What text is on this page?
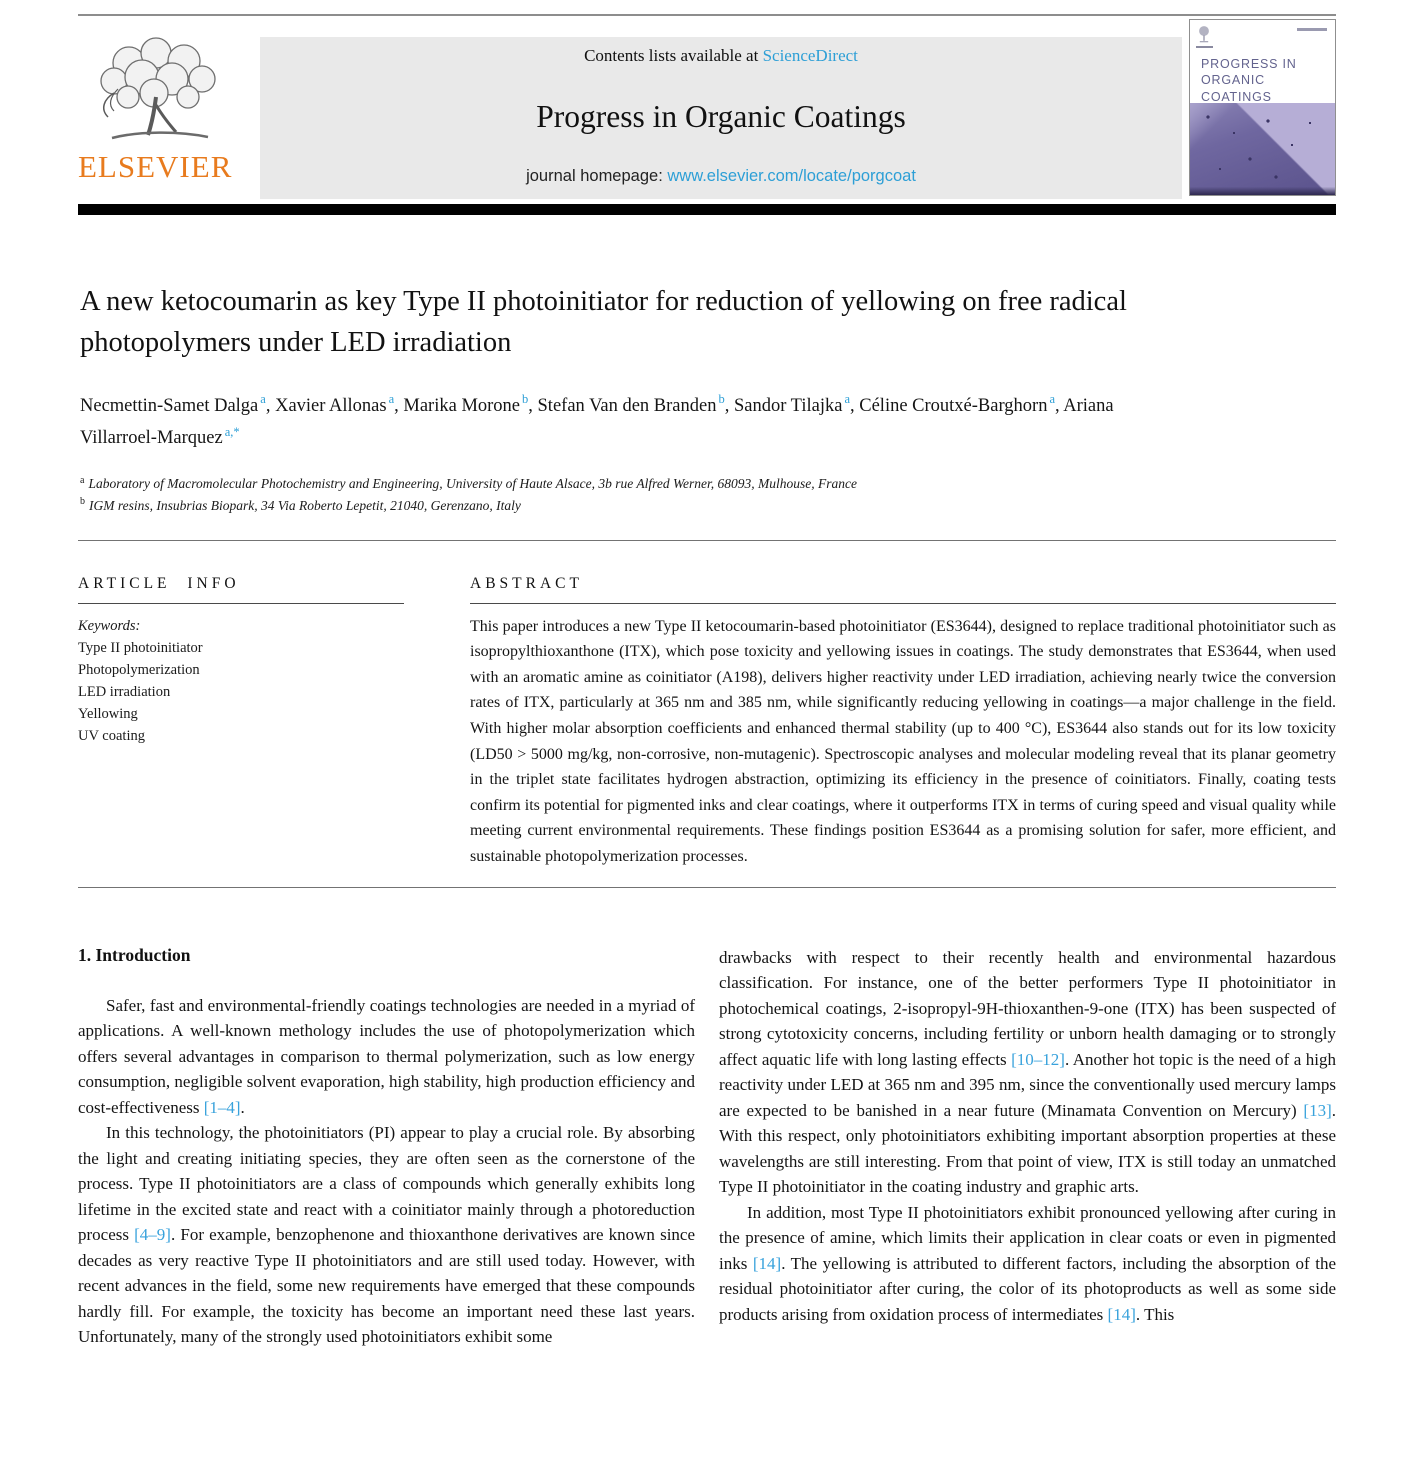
ELSEVIER
Contents lists available at ScienceDirect
Progress in Organic Coatings
journal homepage: www.elsevier.com/locate/porgcoat
PROGRESS IN
ORGANIC
COATINGS
A new ketocoumarin as key Type II photoinitiator for reduction of yellowing on free radical photopolymers under LED irradiation

Necmettin-Samet Dalga $^a$, Xavier Allonas $^a$, Marika Morone $^b$, Stefan Van den Branden $^b$, Sandor Tilajka $^a$, Céline Croutxé-Barghorn $^a$, Ariana Villarroel-Marquez $^{a,*}$

$^a$ Laboratory of Macromolecular Photochemistry and Engineering, University of Haute Alsace, 3b rue Alfred Werner, 68093, Mulhouse, France
$^b$ IGM resins, Insubrias Biopark, 34 Via Roberto Lepetit, 21040, Gerenzano, Italy
ARTICLE INFO
Keywords:
Type II photoinitiator
Photopolymerization
LED irradiation
Yellowing
UV coating
ABSTRACT

This paper introduces a new Type II ketocoumarin-based photoinitiator (ES3644), designed to replace traditional photoinitiator such as isopropylthioxanthone (ITX), which pose toxicity and yellowing issues in coatings. The study demonstrates that ES3644, when used with an aromatic amine as coinitiator (A198), delivers higher reactivity under LED irradiation, achieving nearly twice the conversion rates of ITX, particularly at 365 nm and 385 nm, while significantly reducing yellowing in coatings—a major challenge in the field. With higher molar absorption coefficients and enhanced thermal stability (up to 400 °C), ES3644 also stands out for its low toxicity (LD50 > 5000 mg/kg, non-corrosive, non-mutagenic). Spectroscopic analyses and molecular modeling reveal that its planar geometry in the triplet state facilitates hydrogen abstraction, optimizing its efficiency in the presence of coinitiators. Finally, coating tests confirm its potential for pigmented inks and clear coatings, where it outperforms ITX in terms of curing speed and visual quality while meeting current environmental requirements. These findings position ES3644 as a promising solution for safer, more efficient, and sustainable photopolymerization processes.

1. Introduction

Safer, fast and environmental-friendly coatings technologies are needed in a myriad of applications. A well-known methology includes the use of photopolymerization which offers several advantages in comparison to thermal polymerization, such as low energy consumption, negligible solvent evaporation, high stability, high production efficiency and cost-effectiveness [1–4].

In this technology, the photoinitiators (PI) appear to play a crucial role. By absorbing the light and creating initiating species, they are often seen as the cornerstone of the process. Type II photoinitiators are a class of compounds which generally exhibits long lifetime in the excited state and react with a coinitiator mainly through a photoreduction process [4–9]. For example, benzophenone and thioxanthone derivatives are known since decades as very reactive Type II photoinitiators and are still used today. However, with recent advances in the field, some new requirements have emerged that these compounds hardly fill. For example, the toxicity has become an important need these last years. Unfortunately, many of the strongly used photoinitiators exhibit some

drawbacks with respect to their recently health and environmental hazardous classification. For instance, one of the better performers Type II photoinitiator in photochemical coatings, 2-isopropyl-9H-thioxanthen-9-one (ITX) has been suspected of strong cytotoxicity concerns, including fertility or unborn health damaging or to strongly affect aquatic life with long lasting effects [10–12]. Another hot topic is the need of a high reactivity under LED at 365 nm and 395 nm, since the conventionally used mercury lamps are expected to be banished in a near future (Minamata Convention on Mercury) [13]. With this respect, only photoinitiators exhibiting important absorption properties at these wavelengths are still interesting. From that point of view, ITX is still today an unmatched Type II photoinitiator in the coating industry and graphic arts.

In addition, most Type II photoinitiators exhibit pronounced yellowing after curing in the presence of amine, which limits their application in clear coats or even in pigmented inks [14]. The yellowing is attributed to different factors, including the absorption of the residual photoinitiator after curing, the color of its photoproducts as well as some side products arising from oxidation process of intermediates [14]. This
